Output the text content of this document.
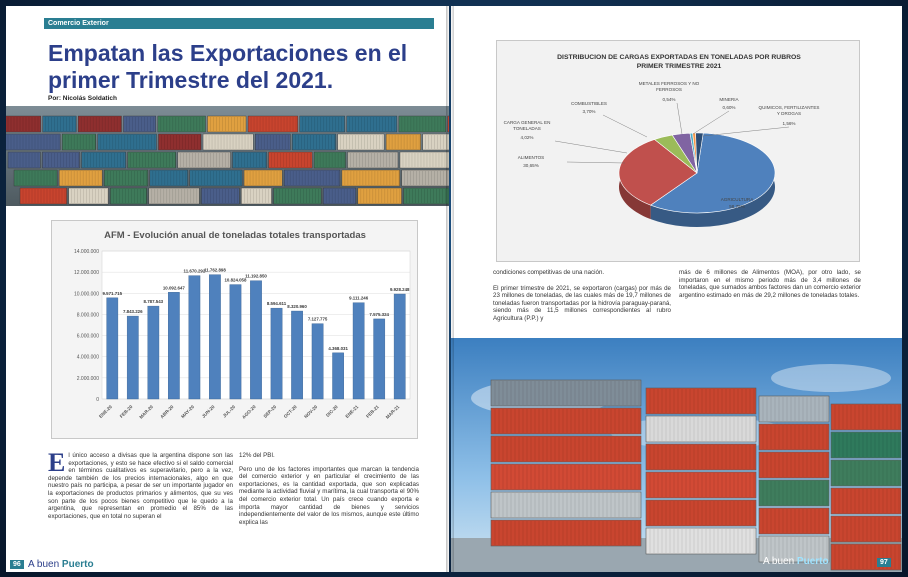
Comercio Exterior
Empatan las Exportaciones en el
primer Trimestre del 2021.
Por: Nicolás Soldatich
AFM - Evolución anual de toneladas totales transportadas
0
2.000.000
4.000.000
6.000.000
8.000.000
10.000.000
12.000.000
14.000.000
9.571.715
ENE-20
7.843.226
FEB-20
8.787.543
MAR-20
10.092.647
ABR-20
11.670.292
MAY-20
11.762.898
JUN-20
10.824.058
JUL-20
11.192.850
AGO-20
8.594.611
SEP-20
8.320.960
OCT-20
7.127.775
NOV-20
4.368.031
DIC-20
9.111.246
ENE-21
7.575.324
FEB-21
9.928.248
MAR-21
El único acceso a divisas que la argentina dispone son las exportaciones, y esto se hace efectivo si el saldo comercial en términos cualitativos es superavitario, pero a la vez, depende también de los precios internacionales, algo en que nuestro país no participa, a pesar de ser un importante jugador en la exportaciones de productos primarios y alimentos, que su ves son parte de los pocos bienes competitivo que le quedo a la argentina, que representan en promedio el 85% de las exportaciones, que en total no superan el

12% del PBI.

Pero uno de los factores importantes que marcan la tendencia del comercio exterior y en particular el crecimiento de las exportaciones, es la cantidad exportada, que son explicadas mediante la actividad fluvial y marítima, la cual transporta el 90% del comercio exterior total. Un país crece cuando exporta e importa mayor cantidad de bienes y servicios independientemente del valor de los mismos, aunque este último explica las

96 A buen Puerto
DISTRIBUCION DE CARGAS EXPORTADAS EN TONELADAS POR RUBROS
PRIMER TRIMESTRE 2021
AGRICULTURA
58,75%
ALIMENTOS
30,65%
CARGA GENERAL EN TONELADAS
4,02%
COMBUSTIBLES
3,70%
METALES FERROSOS Y NO FERROSOS
0,54%	MINERIA
0,60%	QUIMICOS, FERTILIZANTES Y DROGAS
1,56%

condiciones competitivas de una nación.

El primer trimestre de 2021, se exportaron (cargas) por más de 23 millones de toneladas, de las cuales más de 19,7 millones de toneladas fueron transportadas por la hidrovía paraguay-paraná, siendo más de 11,5 millones correspondientes al rubro Agricultura (P.P.) y

más de 6 millones de Alimentos (MOA), por otro lado, se importaron en el mismo periodo más de 3,4 millones de toneladas, que sumados ambos factores dan un comercio exterior argentino estimado en más de 29,2 millones de toneladas totales.

A buen Puerto	97
